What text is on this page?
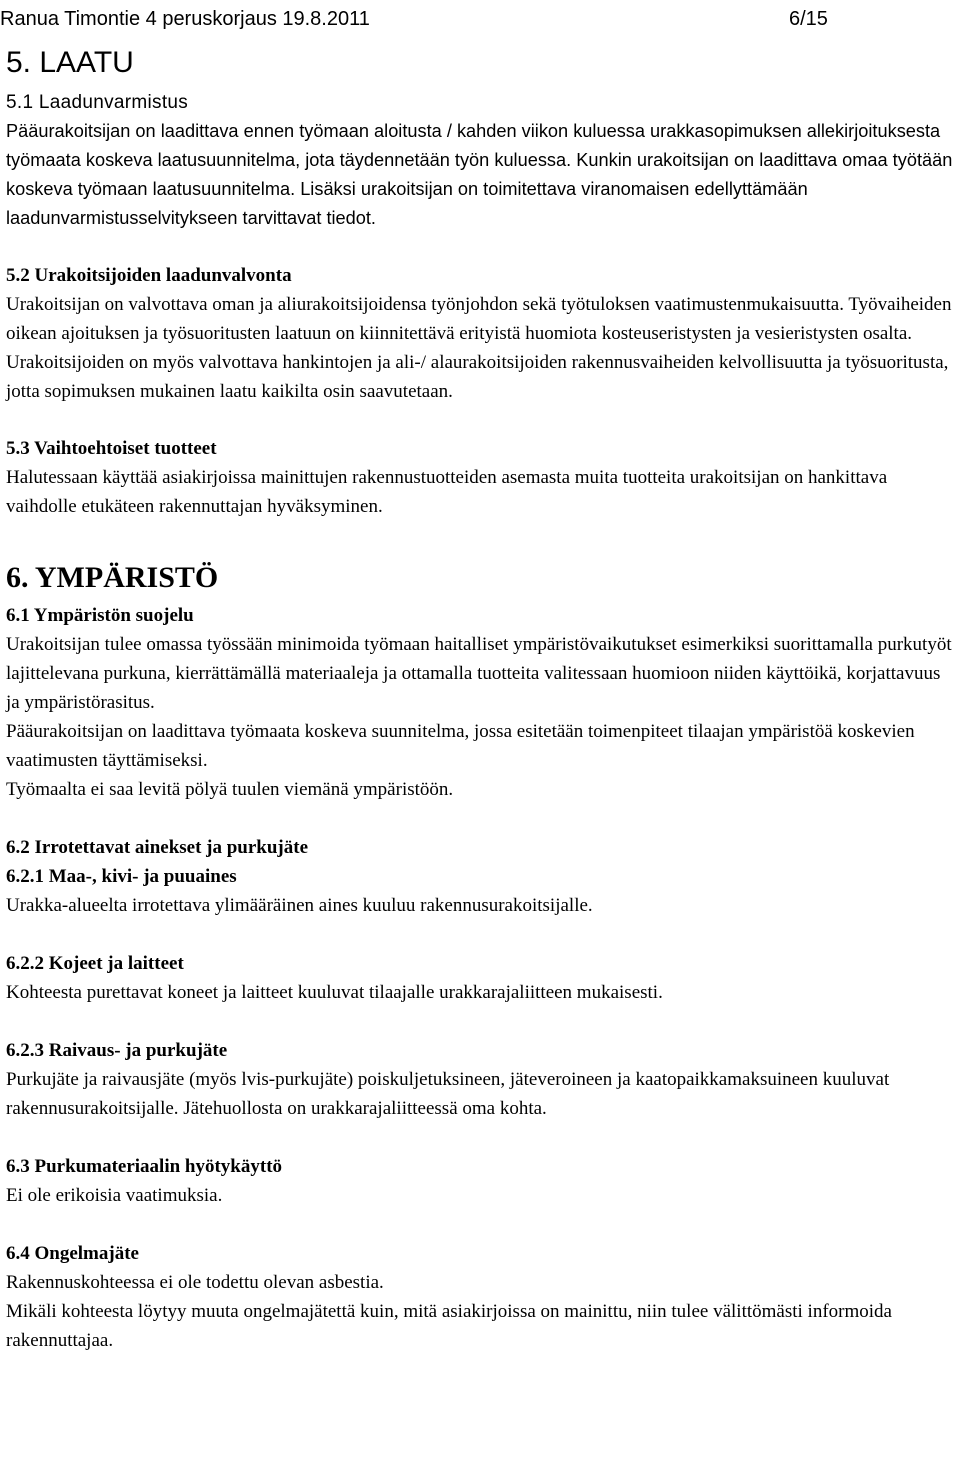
Ranua Timontie 4 peruskorjaus 19.8.2011	6/15
5. LAATU
5.1 Laadunvarmistus

Pääurakoitsijan on laadittava ennen työmaan aloitusta / kahden viikon kuluessa urakkasopimuksen allekirjoituksesta työmaata koskeva laatusuunnitelma, jota täydennetään työn kuluessa. Kunkin urakoitsijan on laadittava omaa työtään koskeva työmaan laatusuunnitelma. Lisäksi urakoitsijan on toimitettava viranomaisen edellyttämään laadunvarmistusselvitykseen tarvittavat tiedot.

5.2 Urakoitsijoiden laadunvalvonta

Urakoitsijan on valvottava oman ja aliurakoitsijoidensa työnjohdon sekä työtuloksen vaatimustenmukaisuutta. Työvaiheiden oikean ajoituksen ja työsuoritusten laatuun on kiinnitettävä erityistä huomiota kosteuseristysten ja vesieristysten osalta. Urakoitsijoiden on myös valvottava hankintojen ja ali-/ alaurakoitsijoiden rakennusvaiheiden kelvollisuutta ja työsuoritusta, jotta sopimuksen mukainen laatu kaikilta osin saavutetaan.

5.3 Vaihtoehtoiset tuotteet

Halutessaan käyttää asiakirjoissa mainittujen rakennustuotteiden asemasta muita tuotteita urakoitsijan on hankittava vaihdolle etukäteen rakennuttajan hyväksyminen.

6. YMPÄRISTÖ
6.1 Ympäristön suojelu

Urakoitsijan tulee omassa työssään minimoida työmaan haitalliset ympäristövaikutukset esimerkiksi suorittamalla purkutyöt lajittelevana purkuna, kierrättämällä materiaaleja ja ottamalla tuotteita valitessaan huomioon niiden käyttöikä, korjattavuus ja ympäristörasitus.

Pääurakoitsijan on laadittava työmaata koskeva suunnitelma, jossa esitetään toimenpiteet tilaajan ympäristöä koskevien vaatimusten täyttämiseksi.

Työmaalta ei saa levitä pölyä tuulen viemänä ympäristöön.

6.2 Irrotettavat ainekset ja purkujäte
6.2.1 Maa-, kivi- ja puuaines

Urakka-alueelta irrotettava ylimääräinen aines kuuluu rakennusurakoitsijalle.

6.2.2 Kojeet ja laitteet

Kohteesta purettavat koneet ja laitteet kuuluvat tilaajalle urakkarajaliitteen mukaisesti.

6.2.3 Raivaus- ja purkujäte

Purkujäte ja raivausjäte (myös lvis-purkujäte) poiskuljetuksineen, jäteveroineen ja kaatopaikkamaksuineen kuuluvat rakennusurakoitsijalle. Jätehuollosta on urakkarajaliitteessä oma kohta.

6.3 Purkumateriaalin hyötykäyttö

Ei ole erikoisia vaatimuksia.

6.4 Ongelmajäte

Rakennuskohteessa ei ole todettu olevan asbestia.

Mikäli kohteesta löytyy muuta ongelmajätettä kuin, mitä asiakirjoissa on mainittu, niin tulee välittömästi informoida rakennuttajaa.
